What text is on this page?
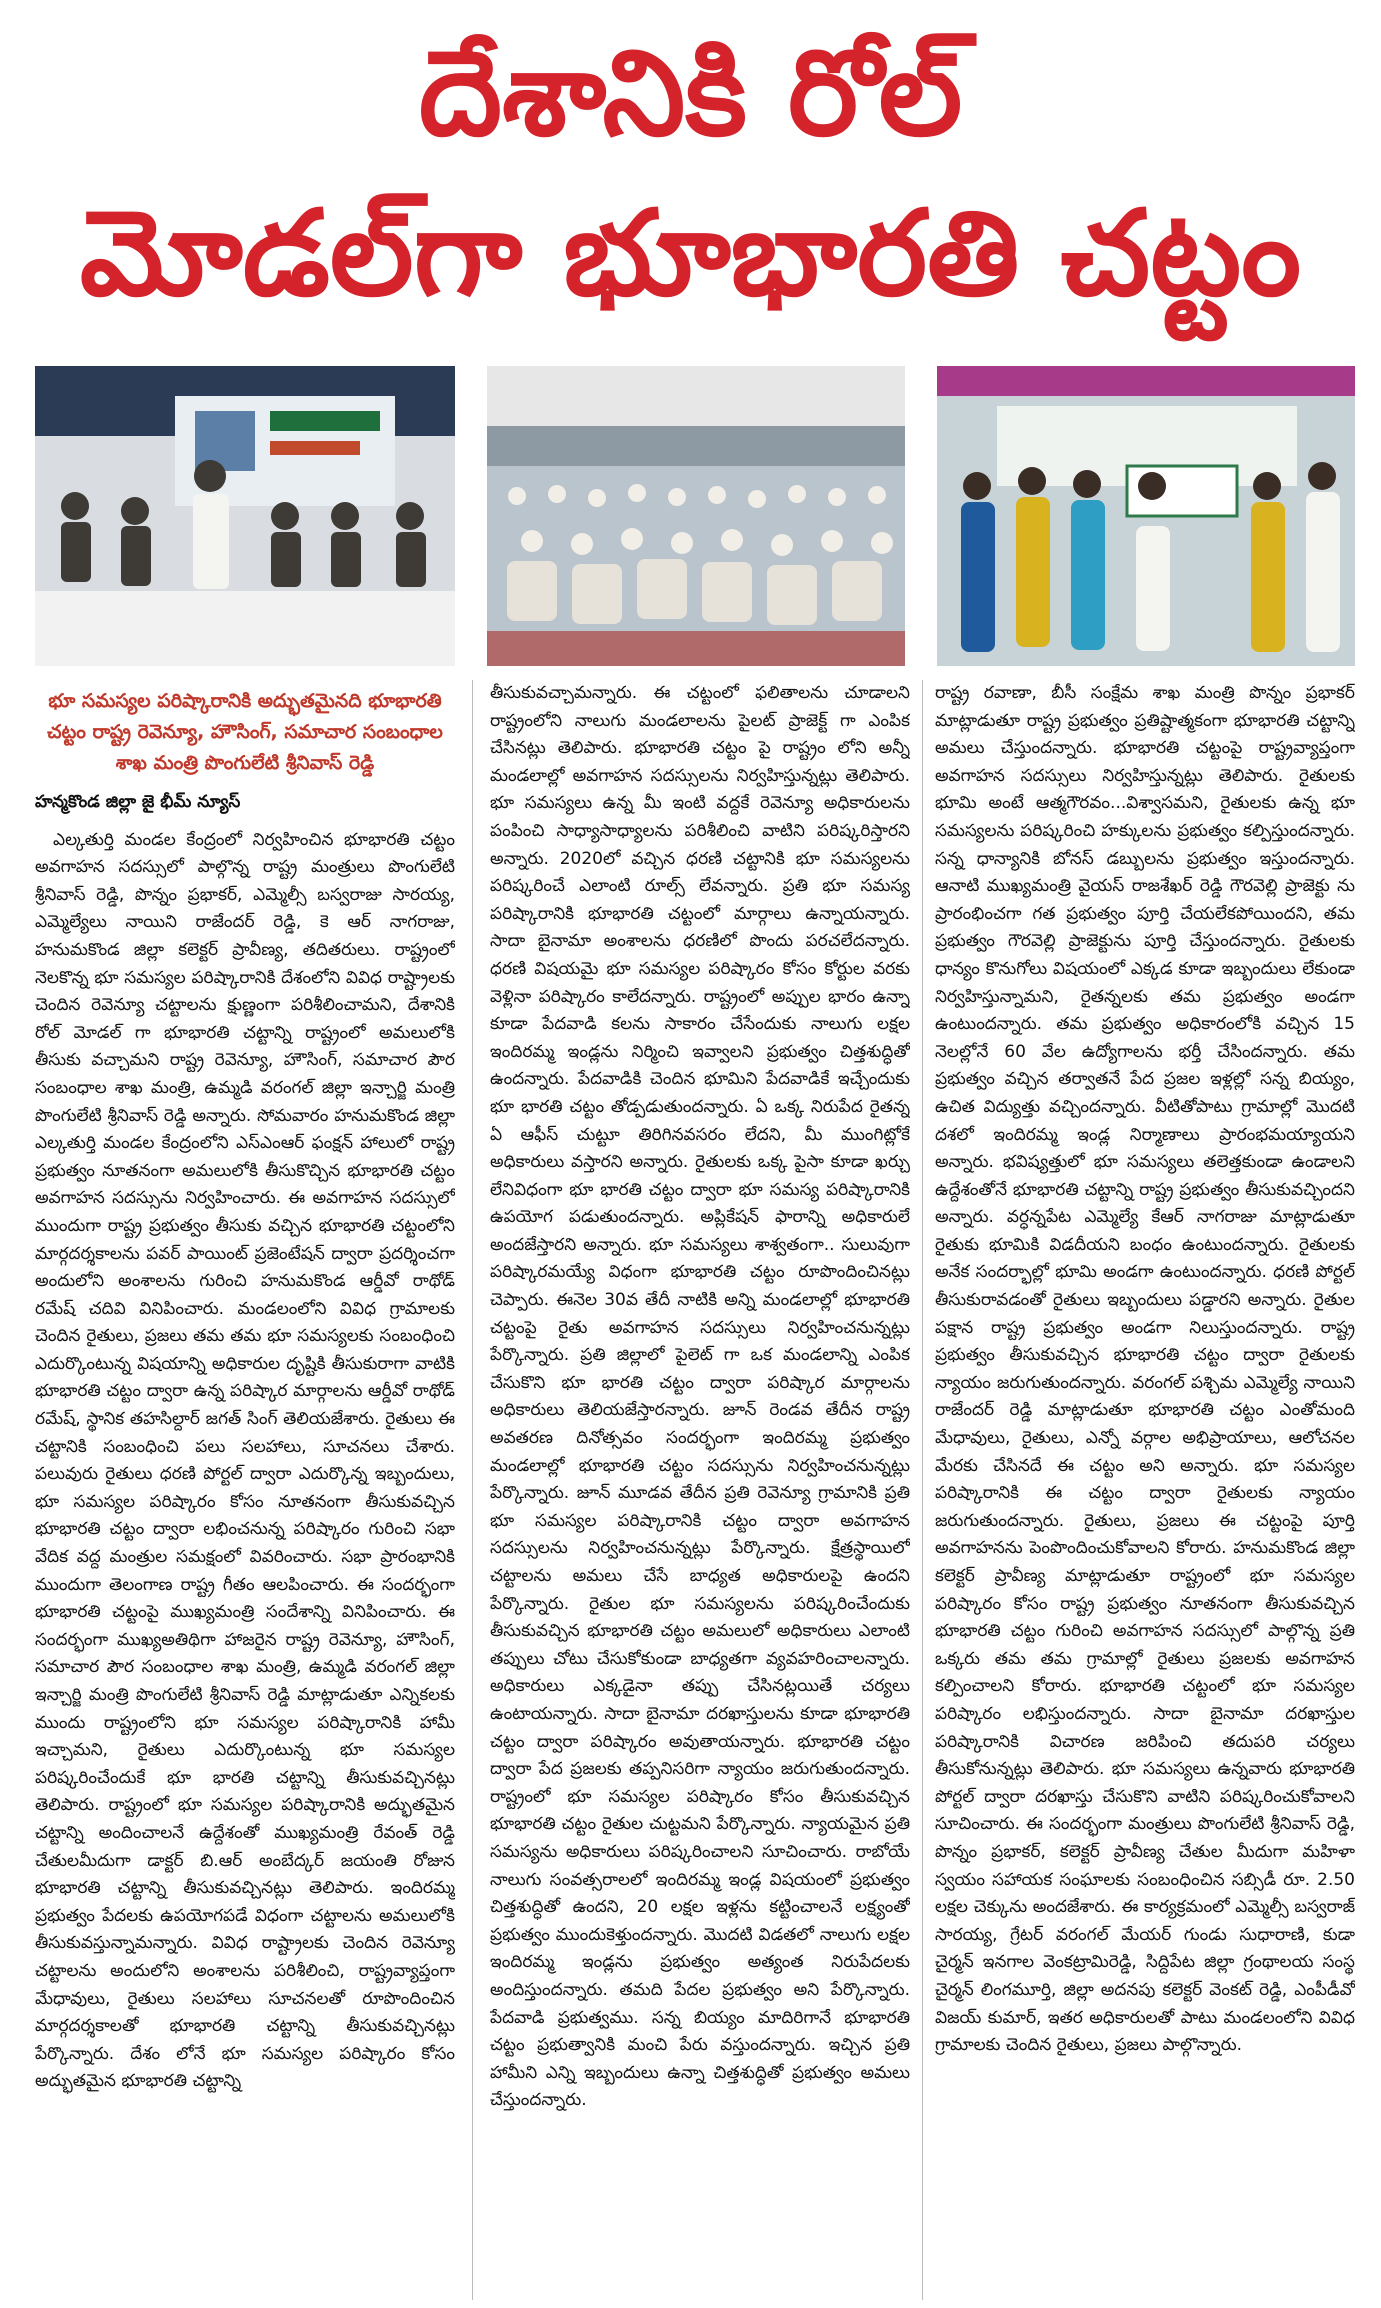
దేశానికి రోల్
మోడల్‌గా భూభారతి చట్టం
భూ సమస్యల పరిష్కారానికి అద్భుతమైనది భూభారతి చట్టం రాష్ట్ర రెవెన్యూ, హౌసింగ్, సమాచార సంబంధాల శాఖ మంత్రి పొంగులేటి శ్రీనివాస్ రెడ్డి
హన్మకొండ జిల్లా జై భీమ్ న్యూస్

ఎల్కతుర్తి మండల కేంద్రంలో నిర్వహించిన భూభారతి చట్టం అవగాహన సదస్సులో పాల్గొన్న రాష్ట్ర మంత్రులు పొంగులేటి శ్రీనివాస్ రెడ్డి, పొన్నం ప్రభాకర్, ఎమ్మెల్సీ బస్వరాజు సారయ్య, ఎమ్మెల్యేలు నాయిని రాజేందర్ రెడ్డి, కె ఆర్ నాగరాజు, హనుమకొండ జిల్లా కలెక్టర్ ప్రావీణ్య, తదితరులు. రాష్ట్రంలో నెలకొన్న భూ సమస్యల పరిష్కారానికి దేశంలోని వివిధ రాష్ట్రాలకు చెందిన రెవెన్యూ చట్టాలను క్షుణ్ణంగా పరిశీలించామని, దేశానికి రోల్ మోడల్ గా భూభారతి చట్టాన్ని రాష్ట్రంలో అమలులోకి తీసుకు వచ్చామని రాష్ట్ర రెవెన్యూ, హౌసింగ్, సమాచార పౌర సంబంధాల శాఖ మంత్రి, ఉమ్మడి వరంగల్ జిల్లా ఇన్చార్జి మంత్రి పొంగులేటి శ్రీనివాస్ రెడ్డి అన్నారు. సోమవారం హనుమకొండ జిల్లా ఎల్కతుర్తి మండల కేంద్రంలోని ఎస్ఎంఆర్ ఫంక్షన్ హాలులో రాష్ట్ర ప్రభుత్వం నూతనంగా అమలులోకి తీసుకొచ్చిన భూభారతి చట్టం అవగాహన సదస్సును నిర్వహించారు. ఈ అవగాహన సదస్సులో ముందుగా రాష్ట్ర ప్రభుత్వం తీసుకు వచ్చిన భూభారతి చట్టంలోని మార్గదర్శకాలను పవర్ పాయింట్ ప్రజెంటేషన్ ద్వారా ప్రదర్శించగా అందులోని అంశాలను గురించి హనుమకొండ ఆర్డీవో రాథోడ్ రమేష్ చదివి వినిపించారు. మండలంలోని వివిధ గ్రామాలకు చెందిన రైతులు, ప్రజలు తమ తమ భూ సమస్యలకు సంబంధించి ఎదుర్కొంటున్న విషయాన్ని అధికారుల దృష్టికి తీసుకురాగా వాటికి భూభారతి చట్టం ద్వారా ఉన్న పరిష్కార మార్గాలను ఆర్డీవో రాథోడ్ రమేష్, స్థానిక తహసిల్దార్ జగత్ సింగ్ తెలియజేశారు. రైతులు ఈ చట్టానికి సంబంధించి పలు సలహాలు, సూచనలు చేశారు. పలువురు రైతులు ధరణి పోర్టల్ ద్వారా ఎదుర్కొన్న ఇబ్బందులు, భూ సమస్యల పరిష్కారం కోసం నూతనంగా తీసుకువచ్చిన భూభారతి చట్టం ద్వారా లభించనున్న పరిష్కారం గురించి సభా వేదిక వద్ద మంత్రుల సమక్షంలో వివరించారు. సభా ప్రారంభానికి ముందుగా తెలంగాణ రాష్ట్ర గీతం ఆలపించారు. ఈ సందర్భంగా భూభారతి చట్టంపై ముఖ్యమంత్రి సందేశాన్ని వినిపించారు. ఈ సందర్భంగా ముఖ్యఅతిథిగా హాజరైన రాష్ట్ర రెవెన్యూ, హౌసింగ్, సమాచార పౌర సంబంధాల శాఖ మంత్రి, ఉమ్మడి వరంగల్ జిల్లా ఇన్చార్జి మంత్రి పొంగులేటి శ్రీనివాస్ రెడ్డి మాట్లాడుతూ ఎన్నికలకు ముందు రాష్ట్రంలోని భూ సమస్యల పరిష్కారానికి హామీ ఇచ్చామని, రైతులు ఎదుర్కొంటున్న భూ సమస్యల పరిష్కరించేందుకే భూ భారతి చట్టాన్ని తీసుకువచ్చినట్లు తెలిపారు. రాష్ట్రంలో భూ సమస్యల పరిష్కారానికి అద్భుతమైన చట్టాన్ని అందించాలనే ఉద్దేశంతో ముఖ్యమంత్రి రేవంత్ రెడ్డి చేతులమీదుగా డాక్టర్ బి.ఆర్ అంబేద్కర్ జయంతి రోజున భూభారతి చట్టాన్ని తీసుకువచ్చినట్లు తెలిపారు. ఇందిరమ్మ ప్రభుత్వం పేదలకు ఉపయోగపడే విధంగా చట్టాలను అమలులోకి తీసుకువస్తున్నామన్నారు. వివిధ రాష్ట్రాలకు చెందిన రెవెన్యూ చట్టాలను అందులోని అంశాలను పరిశీలించి, రాష్ట్రవ్యాప్తంగా మేధావులు, రైతులు సలహాలు సూచనలతో రూపొందించిన మార్గదర్శకాలతో భూభారతి చట్టాన్ని తీసుకువచ్చినట్లు పేర్కొన్నారు. దేశం లోనే భూ సమస్యల పరిష్కారం కోసం అద్భుతమైన భూభారతి చట్టాన్ని

తీసుకువచ్చామన్నారు. ఈ చట్టంలో ఫలితాలను చూడాలని రాష్ట్రంలోని నాలుగు మండలాలను పైలట్ ప్రాజెక్ట్ గా ఎంపిక చేసినట్లు తెలిపారు. భూభారతి చట్టం పై రాష్ట్రం లోని అన్నీ మండలాల్లో అవగాహన సదస్సులను నిర్వహిస్తున్నట్లు తెలిపారు. భూ సమస్యలు ఉన్న మీ ఇంటి వద్దకే రెవెన్యూ అధికారులను పంపించి సాధ్యాసాధ్యాలను పరిశీలించి వాటిని పరిష్కరిస్తారని అన్నారు. 2020లో వచ్చిన ధరణి చట్టానికి భూ సమస్యలను పరిష్కరించే ఎలాంటి రూల్స్ లేవన్నారు. ప్రతి భూ సమస్య పరిష్కారానికి భూభారతి చట్టంలో మార్గాలు ఉన్నాయన్నారు. సాదా బైనామా అంశాలను ధరణిలో పొందు పరచలేదన్నారు. ధరణి విషయమై భూ సమస్యల పరిష్కారం కోసం కోర్టుల వరకు వెళ్లినా పరిష్కారం కాలేదన్నారు. రాష్ట్రంలో అప్పుల భారం ఉన్నా కూడా పేదవాడి కలను సాకారం చేసేందుకు నాలుగు లక్షల ఇందిరమ్మ ఇండ్లను నిర్మించి ఇవ్వాలని ప్రభుత్వం చిత్తశుద్ధితో ఉందన్నారు. పేదవాడికి చెందిన భూమిని పేదవాడికే ఇచ్చేందుకు భూ భారతి చట్టం తోడ్పడుతుందన్నారు. ఏ ఒక్క నిరుపేద రైతన్న ఏ ఆఫీస్ చుట్టూ తిరిగినవసరం లేదని, మీ ముంగిట్లోకే అధికారులు వస్తారని అన్నారు. రైతులకు ఒక్క పైసా కూడా ఖర్చు లేనివిధంగా భూ భారతి చట్టం ద్వారా భూ సమస్య పరిష్కారానికి ఉపయోగ పడుతుందన్నారు. అప్లికేషన్ ఫారాన్ని అధికారులే అందజేస్తారని అన్నారు. భూ సమస్యలు శాశ్వతంగా.. సులువుగా పరిష్కారమయ్యే విధంగా భూభారతి చట్టం రూపొందించినట్లు చెప్పారు. ఈనెల 30వ తేదీ నాటికి అన్ని మండలాల్లో భూభారతి చట్టంపై రైతు అవగాహన సదస్సులు నిర్వహించనున్నట్లు పేర్కొన్నారు. ప్రతి జిల్లాలో పైలెట్ గా ఒక మండలాన్ని ఎంపిక చేసుకొని భూ భారతి చట్టం ద్వారా పరిష్కార మార్గాలను అధికారులు తెలియజేస్తారన్నారు. జూన్ రెండవ తేదీన రాష్ట్ర అవతరణ దినోత్సవం సందర్భంగా ఇందిరమ్మ ప్రభుత్వం మండలాల్లో భూభారతి చట్టం సదస్సును నిర్వహించనున్నట్లు పేర్కొన్నారు. జూన్ మూడవ తేదీన ప్రతి రెవెన్యూ గ్రామానికి ప్రతి భూ సమస్యల పరిష్కారానికి చట్టం ద్వారా అవగాహన సదస్సులను నిర్వహించనున్నట్లు పేర్కొన్నారు. క్షేత్రస్థాయిలో చట్టాలను అమలు చేసే బాధ్యత అధికారులపై ఉందని పేర్కొన్నారు. రైతుల భూ సమస్యలను పరిష్కరించేందుకు తీసుకువచ్చిన భూభారతి చట్టం అమలులో అధికారులు ఎలాంటి తప్పులు చోటు చేసుకోకుండా బాధ్యతగా వ్యవహరించాలన్నారు. అధికారులు ఎక్కడైనా తప్పు చేసినట్లయితే చర్యలు ఉంటాయన్నారు. సాదా బైనామా దరఖాస్తులను కూడా భూభారతి చట్టం ద్వారా పరిష్కారం అవుతాయన్నారు. భూభారతి చట్టం ద్వారా పేద ప్రజలకు తప్పనిసరిగా న్యాయం జరుగుతుందన్నారు. రాష్ట్రంలో భూ సమస్యల పరిష్కారం కోసం తీసుకువచ్చిన భూభారతి చట్టం రైతుల చుట్టమని పేర్కొన్నారు. న్యాయమైన ప్రతి సమస్యను అధికారులు పరిష్కరించాలని సూచించారు. రాబోయే నాలుగు సంవత్సరాలలో ఇందిరమ్మ ఇండ్ల విషయంలో ప్రభుత్వం చిత్తశుద్ధితో ఉందని, 20 లక్షల ఇళ్లను కట్టించాలనే లక్ష్యంతో ప్రభుత్వం ముందుకెళ్తుందన్నారు. మొదటి విడతలో నాలుగు లక్షల ఇందిరమ్మ ఇండ్లను ప్రభుత్వం అత్యంత నిరుపేదలకు అందిస్తుందన్నారు. తమది పేదల ప్రభుత్వం అని పేర్కొన్నారు. పేదవాడి ప్రభుత్వము. సన్న బియ్యం మాదిరిగానే భూభారతి చట్టం ప్రభుత్వానికి మంచి పేరు వస్తుందన్నారు. ఇచ్చిన ప్రతి హామీని ఎన్ని ఇబ్బందులు ఉన్నా చిత్తశుద్ధితో ప్రభుత్వం అమలు చేస్తుందన్నారు.

రాష్ట్ర రవాణా, బీసీ సంక్షేమ శాఖ మంత్రి పొన్నం ప్రభాకర్ మాట్లాడుతూ రాష్ట్ర ప్రభుత్వం ప్రతిష్టాత్మకంగా భూభారతి చట్టాన్ని అమలు చేస్తుందన్నారు. భూభారతి చట్టంపై రాష్ట్రవ్యాప్తంగా అవగాహన సదస్సులు నిర్వహిస్తున్నట్లు తెలిపారు. రైతులకు భూమి అంటే ఆత్మగౌరవం...విశ్వాసమని, రైతులకు ఉన్న భూ సమస్యలను పరిష్కరించి హక్కులను ప్రభుత్వం కల్పిస్తుందన్నారు. సన్న ధాన్యానికి బోనస్ డబ్బులను ప్రభుత్వం ఇస్తుందన్నారు. ఆనాటి ముఖ్యమంత్రి వైయస్ రాజశేఖర్ రెడ్డి గౌరవెల్లి ప్రాజెక్టు ను ప్రారంభించగా గత ప్రభుత్వం పూర్తి చేయలేకపోయిందని, తమ ప్రభుత్వం గౌరవెల్లి ప్రాజెక్టును పూర్తి చేస్తుందన్నారు. రైతులకు ధాన్యం కొనుగోలు విషయంలో ఎక్కడ కూడా ఇబ్బందులు లేకుండా నిర్వహిస్తున్నామని, రైతన్నలకు తమ ప్రభుత్వం అండగా ఉంటుందన్నారు. తమ ప్రభుత్వం అధికారంలోకి వచ్చిన 15 నెలల్లోనే 60 వేల ఉద్యోగాలను భర్తీ చేసిందన్నారు. తమ ప్రభుత్వం వచ్చిన తర్వాతనే పేద ప్రజల ఇళ్లల్లో సన్న బియ్యం, ఉచిత విద్యుత్తు వచ్చిందన్నారు. వీటితోపాటు గ్రామాల్లో మొదటి దశలో ఇందిరమ్మ ఇండ్ల నిర్మాణాలు ప్రారంభమయ్యాయని అన్నారు. భవిష్యత్తులో భూ సమస్యలు తలెత్తకుండా ఉండాలని ఉద్దేశంతోనే భూభారతి చట్టాన్ని రాష్ట్ర ప్రభుత్వం తీసుకువచ్చిందని అన్నారు. వర్ధన్నపేట ఎమ్మెల్యే కేఆర్ నాగరాజు మాట్లాడుతూ రైతుకు భూమికి విడదీయని బంధం ఉంటుందన్నారు. రైతులకు అనేక సందర్భాల్లో భూమి అండగా ఉంటుందన్నారు. ధరణి పోర్టల్ తీసుకురావడంతో రైతులు ఇబ్బందులు పడ్డారని అన్నారు. రైతుల పక్షాన రాష్ట్ర ప్రభుత్వం అండగా నిలుస్తుందన్నారు. రాష్ట్ర ప్రభుత్వం తీసుకువచ్చిన భూభారతి చట్టం ద్వారా రైతులకు న్యాయం జరుగుతుందన్నారు. వరంగల్ పశ్చిమ ఎమ్మెల్యే నాయిని రాజేందర్ రెడ్డి మాట్లాడుతూ భూభారతి చట్టం ఎంతోమంది మేధావులు, రైతులు, ఎన్నో వర్గాల అభిప్రాయాలు, ఆలోచనల మేరకు చేసినదే ఈ చట్టం అని అన్నారు. భూ సమస్యల పరిష్కారానికి ఈ చట్టం ద్వారా రైతులకు న్యాయం జరుగుతుందన్నారు. రైతులు, ప్రజలు ఈ చట్టంపై పూర్తి అవగాహనను పెంపొందించుకోవాలని కోరారు. హనుమకొండ జిల్లా కలెక్టర్ ప్రావీణ్య మాట్లాడుతూ రాష్ట్రంలో భూ సమస్యల పరిష్కారం కోసం రాష్ట్ర ప్రభుత్వం నూతనంగా తీసుకువచ్చిన భూభారతి చట్టం గురించి అవగాహన సదస్సులో పాల్గొన్న ప్రతి ఒక్కరు తమ తమ గ్రామాల్లో రైతులు ప్రజలకు అవగాహన కల్పించాలని కోరారు. భూభారతి చట్టంలో భూ సమస్యల పరిష్కారం లభిస్తుందన్నారు. సాదా బైనామా దరఖాస్తుల పరిష్కారానికి విచారణ జరిపించి తదుపరి చర్యలు తీసుకోనున్నట్లు తెలిపారు. భూ సమస్యలు ఉన్నవారు భూభారతి పోర్టల్ ద్వారా దరఖాస్తు చేసుకొని వాటిని పరిష్కరించుకోవాలని సూచించారు. ఈ సందర్భంగా మంత్రులు పొంగులేటి శ్రీనివాస్ రెడ్డి, పొన్నం ప్రభాకర్, కలెక్టర్ ప్రావీణ్య చేతుల మీదుగా మహిళా స్వయం సహాయక సంఘాలకు సంబంధించిన సబ్సిడీ రూ. 2.50 లక్షల చెక్కును అందజేశారు. ఈ కార్యక్రమంలో ఎమ్మెల్సీ బస్వరాజ్ సారయ్య, గ్రేటర్ వరంగల్ మేయర్ గుండు సుధారాణి, కుడా చైర్మన్ ఇనగాల వెంకట్రామిరెడ్డి, సిద్దిపేట జిల్లా గ్రంథాలయ సంస్థ చైర్మన్ లింగమూర్తి, జిల్లా అదనపు కలెక్టర్ వెంకట్ రెడ్డి, ఎంపీడీవో విజయ్ కుమార్, ఇతర అధికారులతో పాటు మండలంలోని వివిధ గ్రామాలకు చెందిన రైతులు, ప్రజలు పాల్గొన్నారు.
